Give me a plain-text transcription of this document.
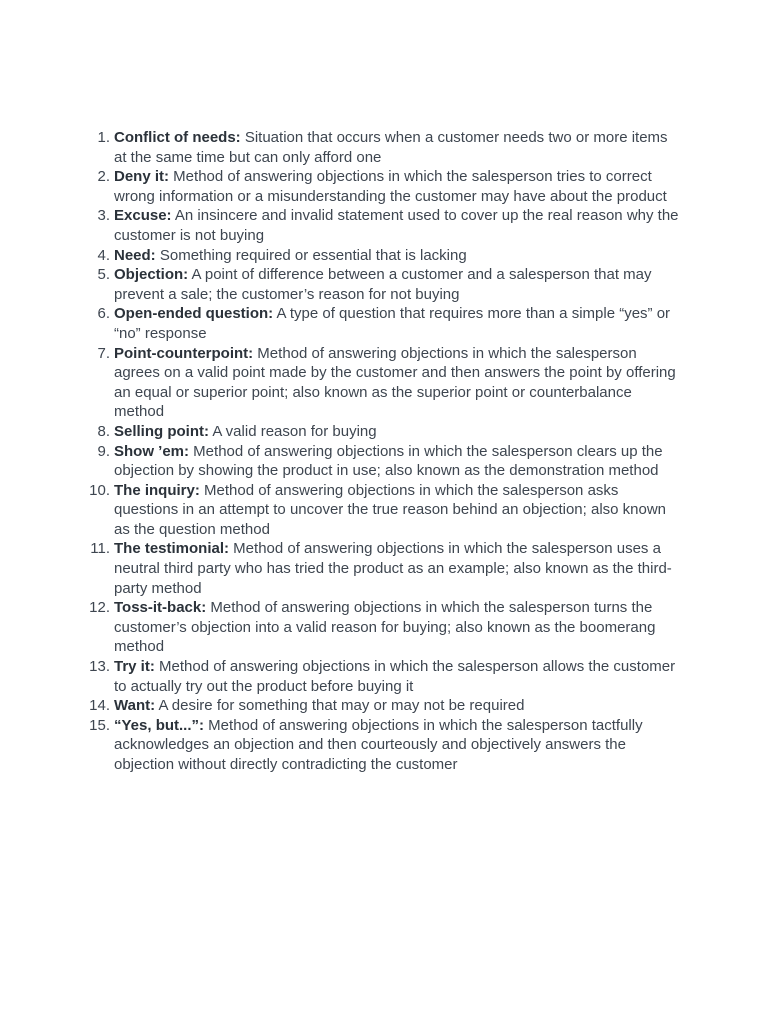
1. Conflict of needs: Situation that occurs when a customer needs two or more items at the same time but can only afford one
2. Deny it: Method of answering objections in which the salesperson tries to correct wrong information or a misunderstanding the customer may have about the product
3. Excuse: An insincere and invalid statement used to cover up the real reason why the customer is not buying
4. Need: Something required or essential that is lacking
5. Objection: A point of difference between a customer and a salesperson that may prevent a sale; the customer’s reason for not buying
6. Open-ended question: A type of question that requires more than a simple “yes” or “no” response
7. Point-counterpoint: Method of answering objections in which the salesperson agrees on a valid point made by the customer and then answers the point by offering an equal or superior point; also known as the superior point or counterbalance method
8. Selling point: A valid reason for buying
9. Show ’em: Method of answering objections in which the salesperson clears up the objection by showing the product in use; also known as the demonstration method
10. The inquiry: Method of answering objections in which the salesperson asks questions in an attempt to uncover the true reason behind an objection; also known as the question method
11. The testimonial: Method of answering objections in which the salesperson uses a neutral third party who has tried the product as an example; also known as the third-party method
12. Toss-it-back: Method of answering objections in which the salesperson turns the customer’s objection into a valid reason for buying; also known as the boomerang method
13. Try it: Method of answering objections in which the salesperson allows the customer to actually try out the product before buying it
14. Want: A desire for something that may or may not be required
15. “Yes, but...”: Method of answering objections in which the salesperson tactfully acknowledges an objection and then courteously and objectively answers the objection without directly contradicting the customer
